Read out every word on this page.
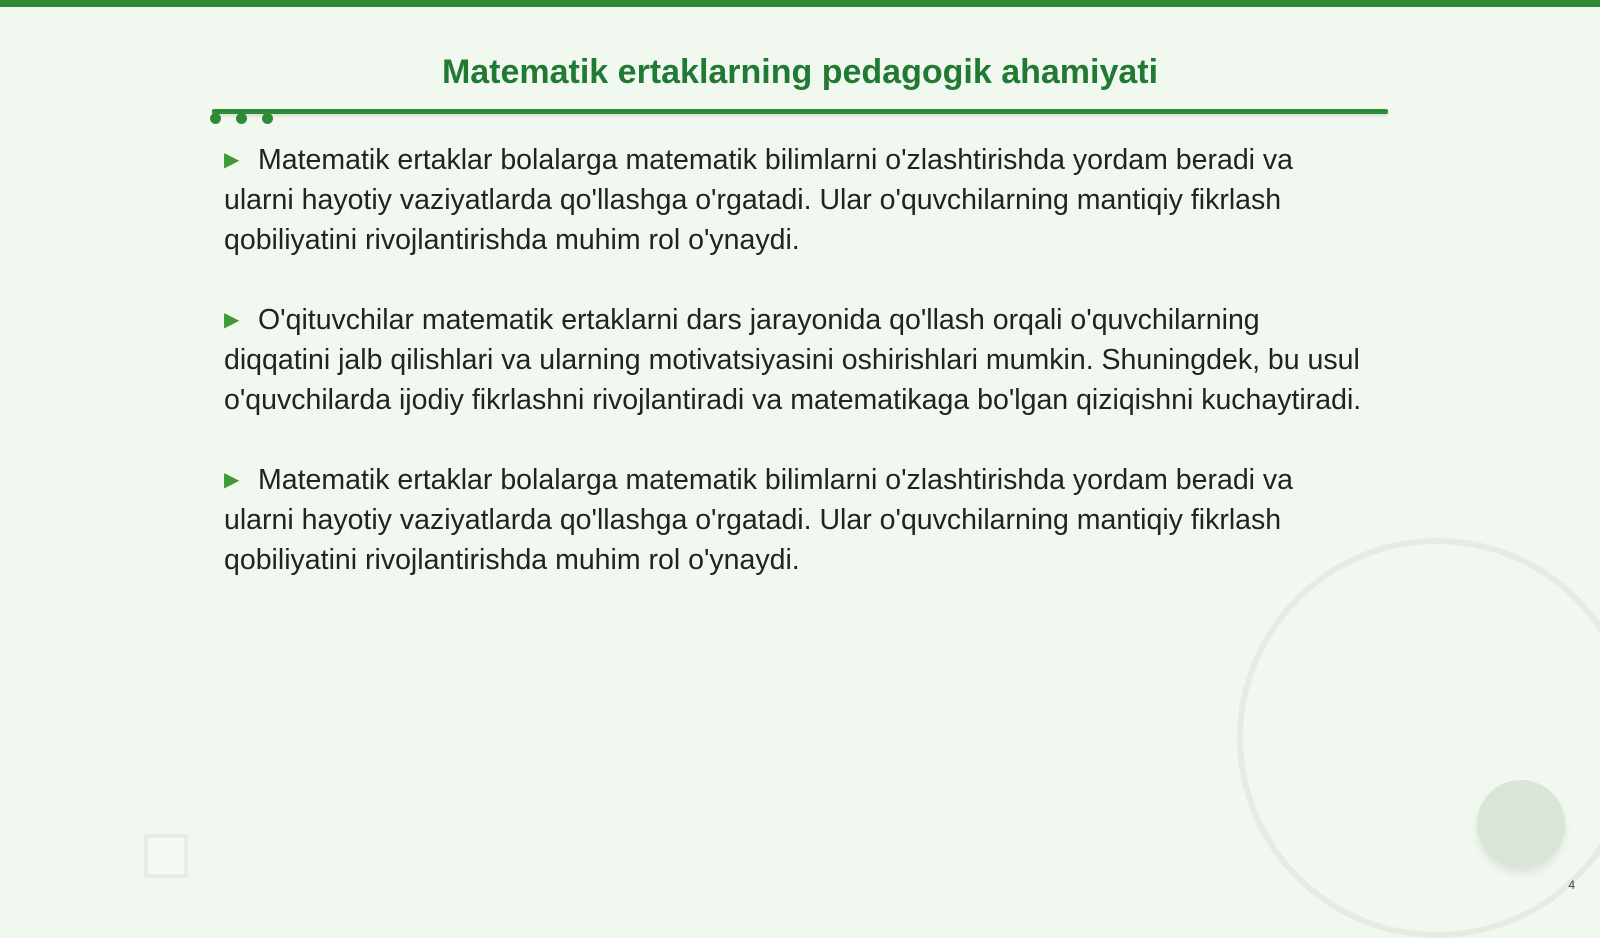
Matematik ertaklarning pedagogik ahamiyati

▶ Matematik ertaklar bolalarga matematik bilimlarni o'zlashtirishda yordam beradi va ularni hayotiy vaziyatlarda qo'llashga o'rgatadi. Ular o'quvchilarning mantiqiy fikrlash qobiliyatini rivojlantirishda muhim rol o'ynaydi.

▶ O'qituvchilar matematik ertaklarni dars jarayonida qo'llash orqali o'quvchilarning diqqatini jalb qilishlari va ularning motivatsiyasini oshirishlari mumkin. Shuningdek, bu usul o'quvchilarda ijodiy fikrlashni rivojlantiradi va matematikaga bo'lgan qiziqishni kuchaytiradi.

▶ Matematik ertaklar bolalarga matematik bilimlarni o'zlashtirishda yordam beradi va ularni hayotiy vaziyatlarda qo'llashga o'rgatadi. Ular o'quvchilarning mantiqiy fikrlash qobiliyatini rivojlantirishda muhim rol o'ynaydi.

4
